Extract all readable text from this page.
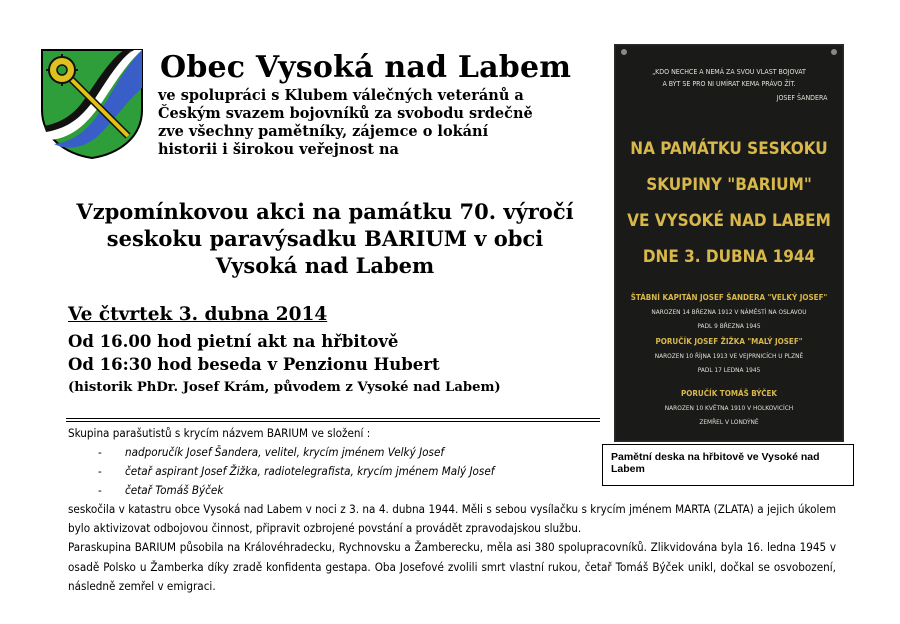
Obec Vysoká nad Labem
ve spolupráci s Klubem válečných veteránů a
Českým svazem bojovníků za svobodu srdečně
zve všechny pamětníky, zájemce o lokání
historii i širokou veřejnost na
Vzpomínkovou akci na památku 70. výročí
seskoku paravýsadku BARIUM v obci
Vysoká nad Labem
Ve čtvrtek 3. dubna 2014
Od 16.00 hod pietní akt na hřbitově
Od 16:30 hod beseda v Penzionu Hubert
(historik PhDr. Josef Krám, původem z Vysoké nad Labem)
Skupina parašutistů s krycím názvem BARIUM ve složení :
- nadporučík Josef Šandera, velitel, krycím jménem Velký Josef
- četař aspirant Josef Žižka, radiotelegrafista, krycím jménem Malý Josef
- četař Tomáš Býček

seskočila v katastru obce Vysoká nad Labem v noci z 3. na 4. dubna 1944. Měli s sebou vysílačku s krycím jménem MARTA (ZLATA) a jejich úkolem bylo aktivizovat odbojovou činnost, připravit ozbrojené povstání a provádět zpravodajskou službu.

Paraskupina BARIUM působila na Královéhradecku, Rychnovsku a Žamberecku, měla asi 380 spolupracovníků. Zlikvidována byla 16. ledna 1945 v osadě Polsko u Žamberka díky zradě konfidenta gestapa. Oba Josefové zvolili smrt vlastní rukou, četař Tomáš Býček unikl, dočkal se osvobození, následně zemřel v emigraci.

„KDO NECHCE A NEMÁ ZA SVOU VLAST BOJOVAT
A BÝT SE PRO NI UMÍRAT KEMA PRÁVO ŽÍT.
JOSEF ŠANDERA
NA PAMÁTKU SESKOKU
SKUPINY "BARIUM"
VE VYSOKÉ NAD LABEM
DNE 3. DUBNA 1944
ŠTÁBNÍ KAPITÁN JOSEF ŠANDERA "VELKÝ JOSEF"
NAROZEN 14 BŘEZNA 1912 V NÁMĚSTÍ NA OSLAVOU
PADL 9 BŘEZNA 1945
PORUČÍK JOSEF ŽIŽKA "MALÝ JOSEF"
NAROZEN 10 ŘÍJNA 1913 VE VEJPRNICÍCH U PLZNĚ
PADL 17 LEDNA 1945
PORUČÍK TOMÁŠ BÝČEK
NAROZEN 10 KVĚTNA 1910 V HOLKOVICÍCH
ZEMŘEL V LONDÝNĚ
Pamětní deska na hřbitově ve Vysoké nad Labem
